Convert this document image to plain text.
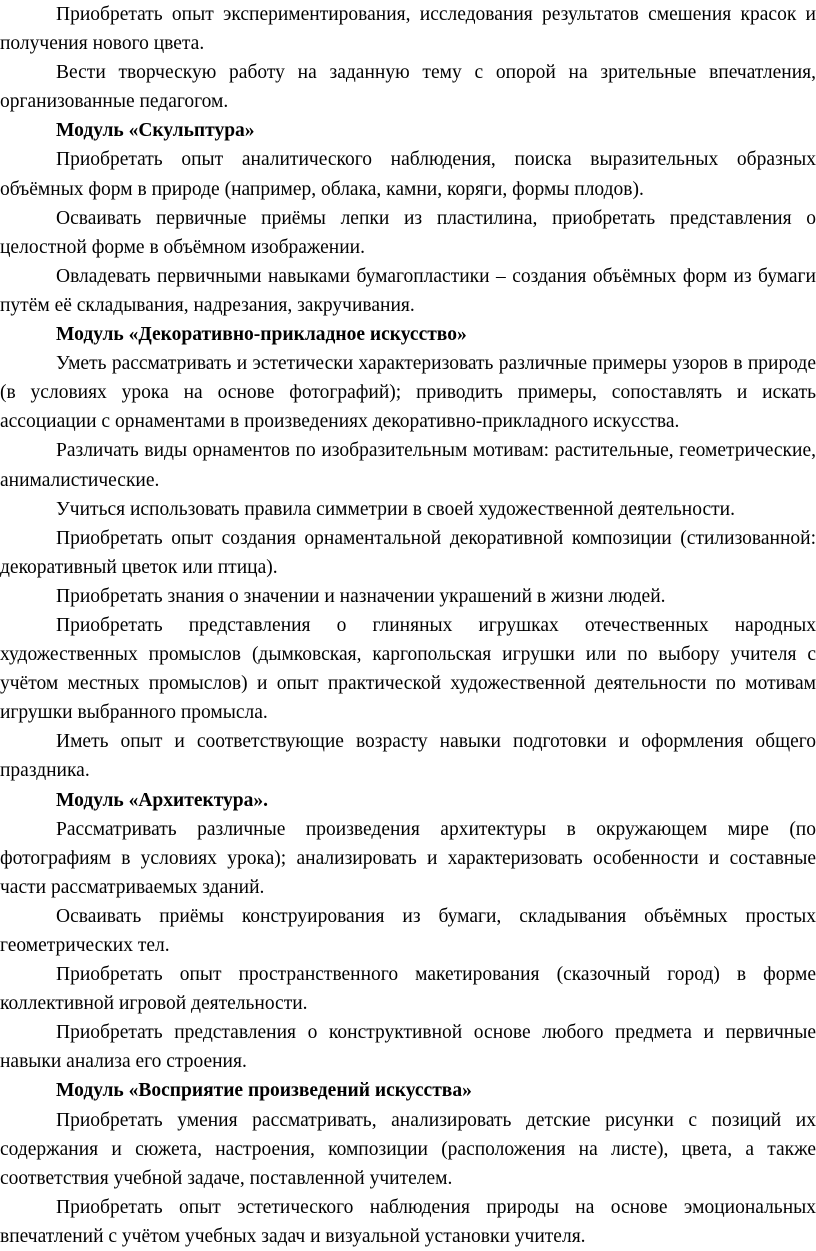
Приобретать опыт экспериментирования, исследования результатов смешения красок и получения нового цвета.

Вести творческую работу на заданную тему с опорой на зрительные впечатления, организованные педагогом.

Модуль «Скульптура»

Приобретать опыт аналитического наблюдения, поиска выразительных образных объёмных форм в природе (например, облака, камни, коряги, формы плодов).

Осваивать первичные приёмы лепки из пластилина, приобретать представления о целостной форме в объёмном изображении.

Овладевать первичными навыками бумагопластики – создания объёмных форм из бумаги путём её складывания, надрезания, закручивания.

Модуль «Декоративно-прикладное искусство»

Уметь рассматривать и эстетически характеризовать различные примеры узоров в природе (в условиях урока на основе фотографий); приводить примеры, сопоставлять и искать ассоциации с орнаментами в произведениях декоративно-прикладного искусства.

Различать виды орнаментов по изобразительным мотивам: растительные, геометрические, анималистические.

Учиться использовать правила симметрии в своей художественной деятельности.

Приобретать опыт создания орнаментальной декоративной композиции (стилизованной: декоративный цветок или птица).

Приобретать знания о значении и назначении украшений в жизни людей.

Приобретать представления о глиняных игрушках отечественных народных художественных промыслов (дымковская, каргопольская игрушки или по выбору учителя с учётом местных промыслов) и опыт практической художественной деятельности по мотивам игрушки выбранного промысла.

Иметь опыт и соответствующие возрасту навыки подготовки и оформления общего праздника.

Модуль «Архитектура».

Рассматривать различные произведения архитектуры в окружающем мире (по фотографиям в условиях урока); анализировать и характеризовать особенности и составные части рассматриваемых зданий.

Осваивать приёмы конструирования из бумаги, складывания объёмных простых геометрических тел.

Приобретать опыт пространственного макетирования (сказочный город) в форме коллективной игровой деятельности.

Приобретать представления о конструктивной основе любого предмета и первичные навыки анализа его строения.

Модуль «Восприятие произведений искусства»

Приобретать умения рассматривать, анализировать детские рисунки с позиций их содержания и сюжета, настроения, композиции (расположения на листе), цвета, а также соответствия учебной задаче, поставленной учителем.

Приобретать опыт эстетического наблюдения природы на основе эмоциональных впечатлений с учётом учебных задач и визуальной установки учителя.
